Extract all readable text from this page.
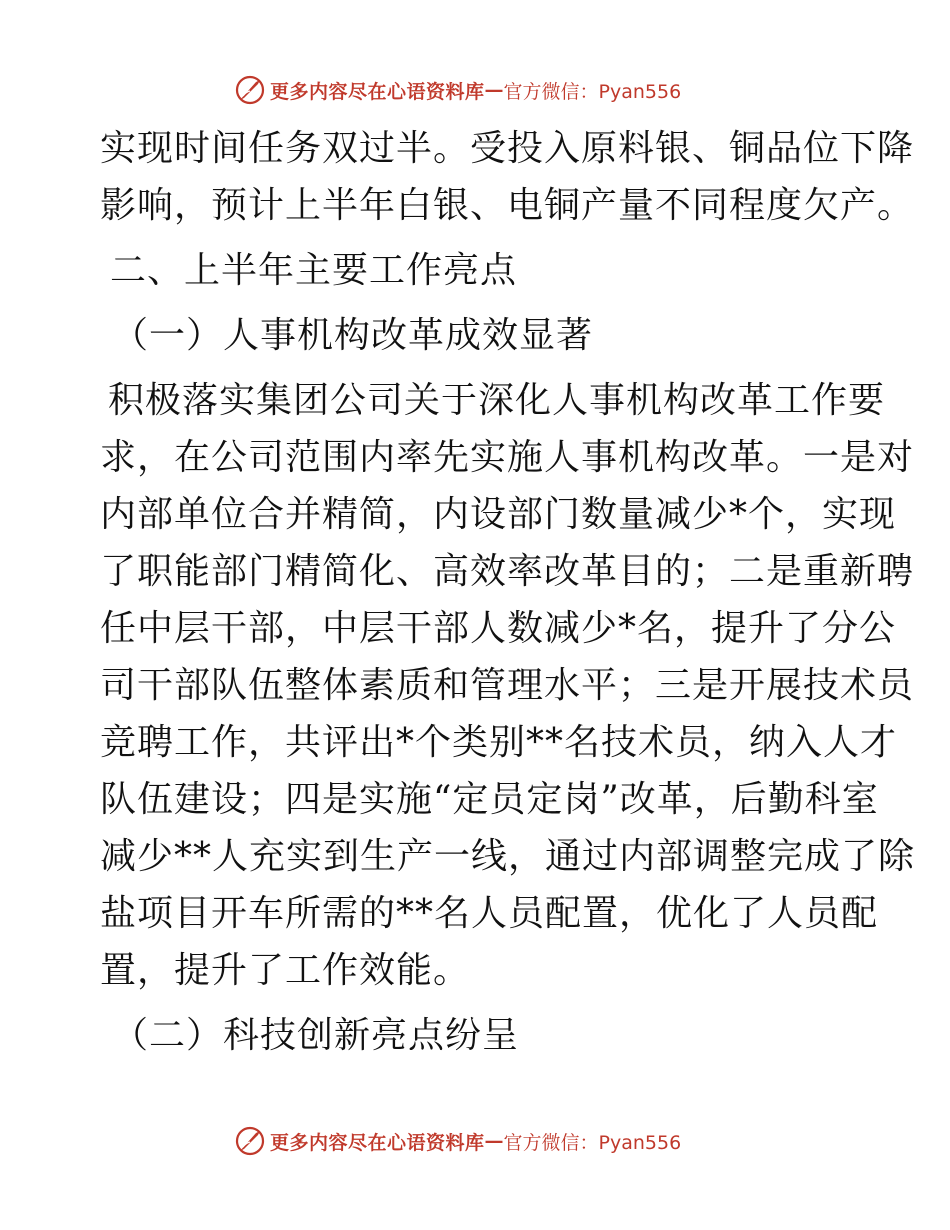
更多内容尽在心语资料库 — 官方微信：Pyan556
实现时间任务双过半。受投入原料银、铜品位下降
影响，预计上半年白银、电铜产量不同程度欠产。
二、上半年主要工作亮点
（一）人事机构改革成效显著
积极落实集团公司关于深化人事机构改革工作要
求，在公司范围内率先实施人事机构改革。一是对
内部单位合并精简，内设部门数量减少*个，实现
了职能部门精简化、高效率改革目的；二是重新聘
任中层干部，中层干部人数减少*名，提升了分公
司干部队伍整体素质和管理水平；三是开展技术员
竞聘工作，共评出*个类别**名技术员，纳入人才
队伍建设；四是实施“定员定岗”改革，后勤科室
减少**人充实到生产一线，通过内部调整完成了除
盐项目开车所需的**名人员配置，优化了人员配
置，提升了工作效能。
（二）科技创新亮点纷呈
更多内容尽在心语资料库 — 官方微信：Pyan556
